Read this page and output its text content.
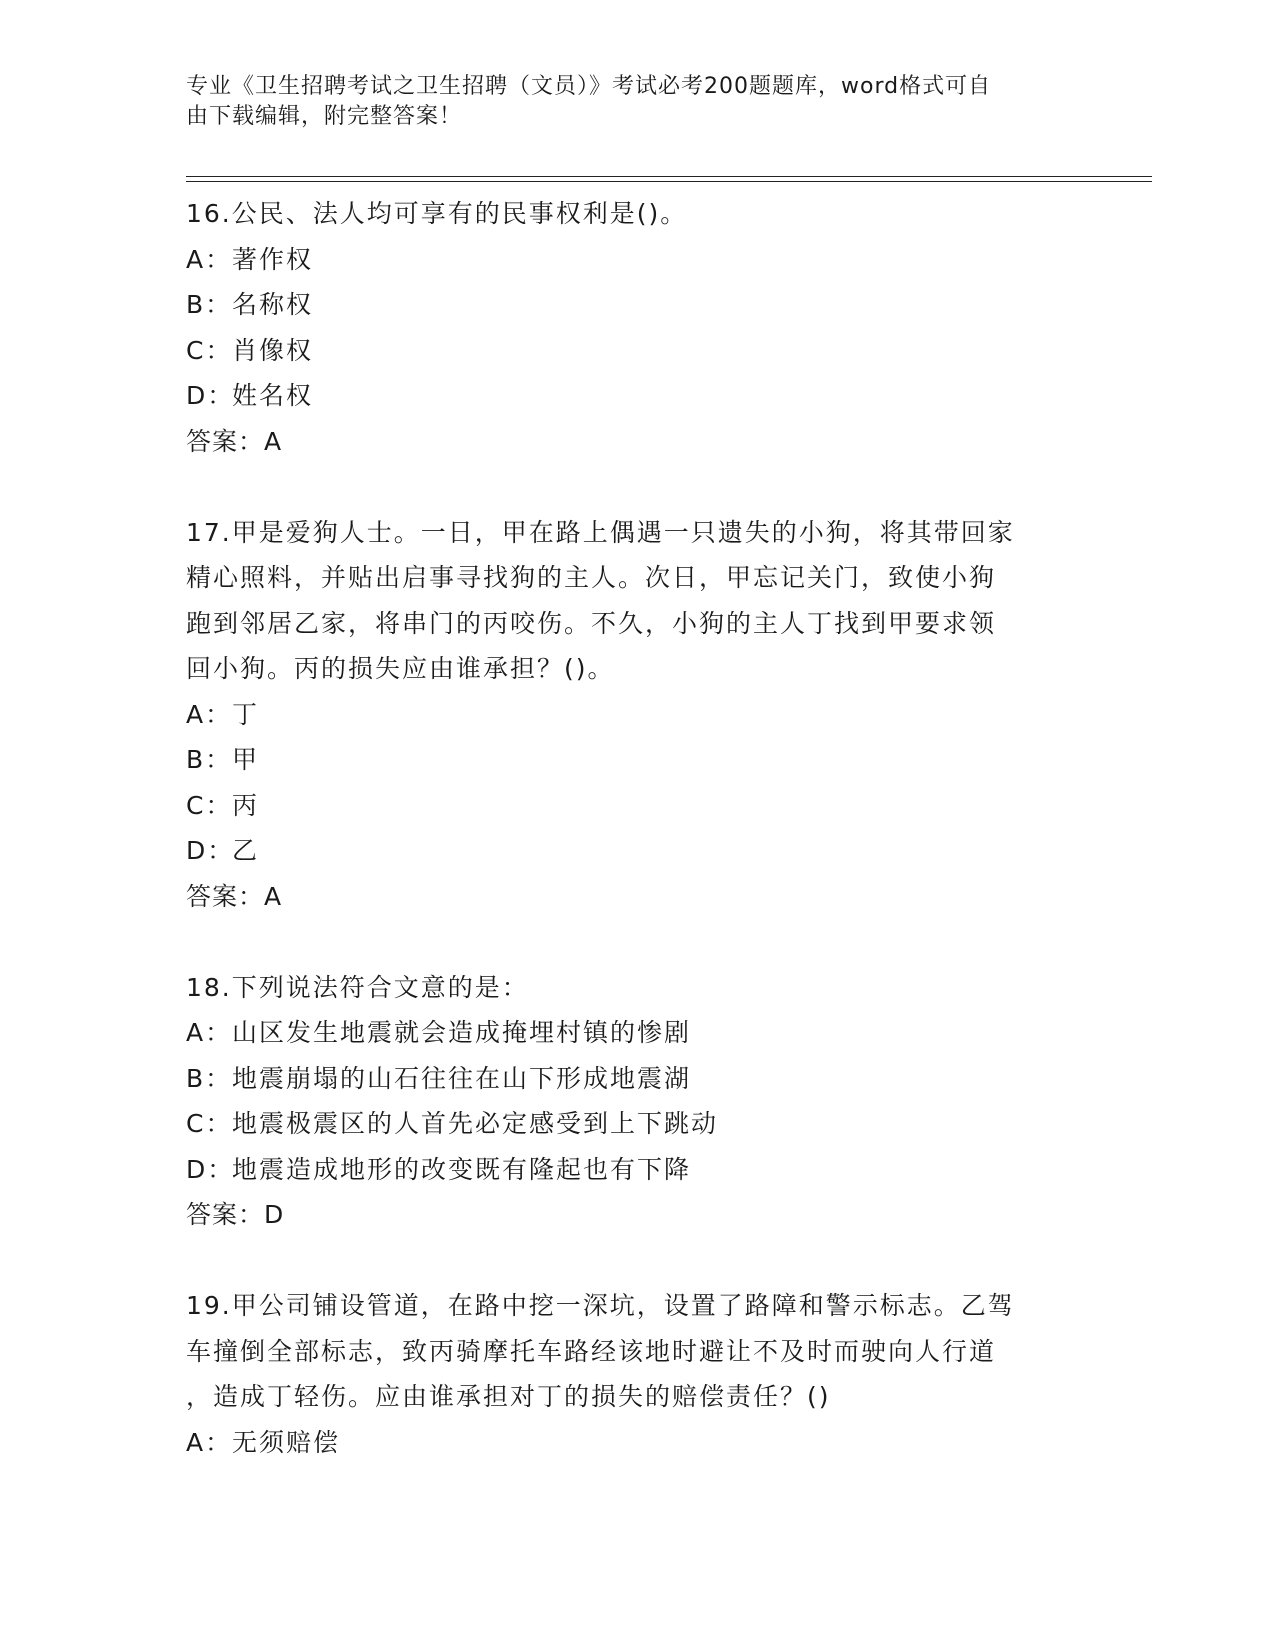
专业《卫生招聘考试之卫生招聘（文员）》考试必考200题题库，word格式可自
由下载编辑，附完整答案！

16.公民、法人均可享有的民事权利是()。

A：著作权

B：名称权

C：肖像权

D：姓名权

答案：A

17.甲是爱狗人士。一日，甲在路上偶遇一只遗失的小狗，将其带回家

精心照料，并贴出启事寻找狗的主人。次日，甲忘记关门，致使小狗

跑到邻居乙家，将串门的丙咬伤。不久，小狗的主人丁找到甲要求领

回小狗。丙的损失应由谁承担？()。

A：丁

B：甲

C：丙

D：乙

答案：A

18.下列说法符合文意的是：

A：山区发生地震就会造成掩埋村镇的惨剧

B：地震崩塌的山石往往在山下形成地震湖

C：地震极震区的人首先必定感受到上下跳动

D：地震造成地形的改变既有隆起也有下降

答案：D

19.甲公司铺设管道，在路中挖一深坑，设置了路障和警示标志。乙驾

车撞倒全部标志，致丙骑摩托车路经该地时避让不及时而驶向人行道

，造成丁轻伤。应由谁承担对丁的损失的赔偿责任？()

A：无须赔偿
